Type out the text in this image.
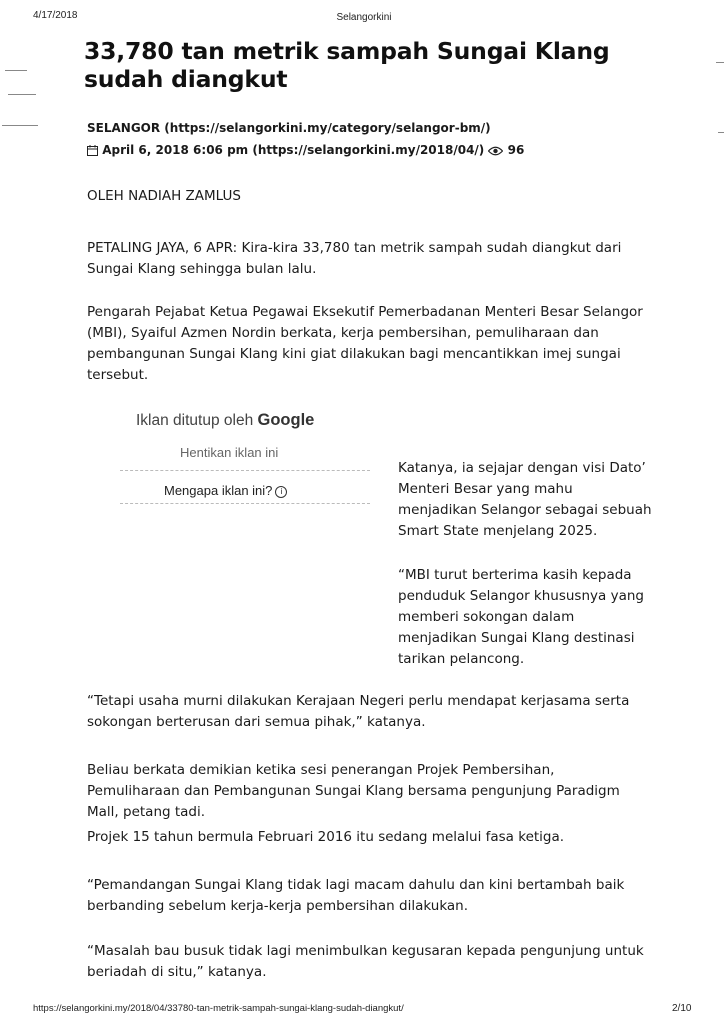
4/17/2018	Selangorkini
33,780 tan metrik sampah Sungai Klang sudah diangkut
SELANGOR (https://selangorkini.my/category/selangor-bm/)
April 6, 2018 6:06 pm (https://selangorkini.my/2018/04/) 96
OLEH NADIAH ZAMLUS
PETALING JAYA, 6 APR: Kira-kira 33,780 tan metrik sampah sudah diangkut dari Sungai Klang sehingga bulan lalu.
Pengarah Pejabat Ketua Pegawai Eksekutif Pemerbadanan Menteri Besar Selangor (MBI), Syaiful Azmen Nordin berkata, kerja pembersihan, pemuliharaan dan pembangunan Sungai Klang kini giat dilakukan bagi mencantikkan imej sungai tersebut.
Iklan ditutup oleh Google
Hentikan iklan ini
Mengapa iklan ini? i
Katanya, ia sejajar dengan visi Dato’ Menteri Besar yang mahu menjadikan Selangor sebagai sebuah Smart State menjelang 2025.
“MBI turut berterima kasih kepada penduduk Selangor khususnya yang memberi sokongan dalam menjadikan Sungai Klang destinasi tarikan pelancong.
“Tetapi usaha murni dilakukan Kerajaan Negeri perlu mendapat kerjasama serta sokongan berterusan dari semua pihak,” katanya.
Beliau berkata demikian ketika sesi penerangan Projek Pembersihan, Pemuliharaan dan Pembangunan Sungai Klang bersama pengunjung Paradigm Mall, petang tadi.
Projek 15 tahun bermula Februari 2016 itu sedang melalui fasa ketiga.
“Pemandangan Sungai Klang tidak lagi macam dahulu dan kini bertambah baik berbanding sebelum kerja-kerja pembersihan dilakukan.
“Masalah bau busuk tidak lagi menimbulkan kegusaran kepada pengunjung untuk beriadah di situ,” katanya.
https://selangorkini.my/2018/04/33780-tan-metrik-sampah-sungai-klang-sudah-diangkut/	2/10
